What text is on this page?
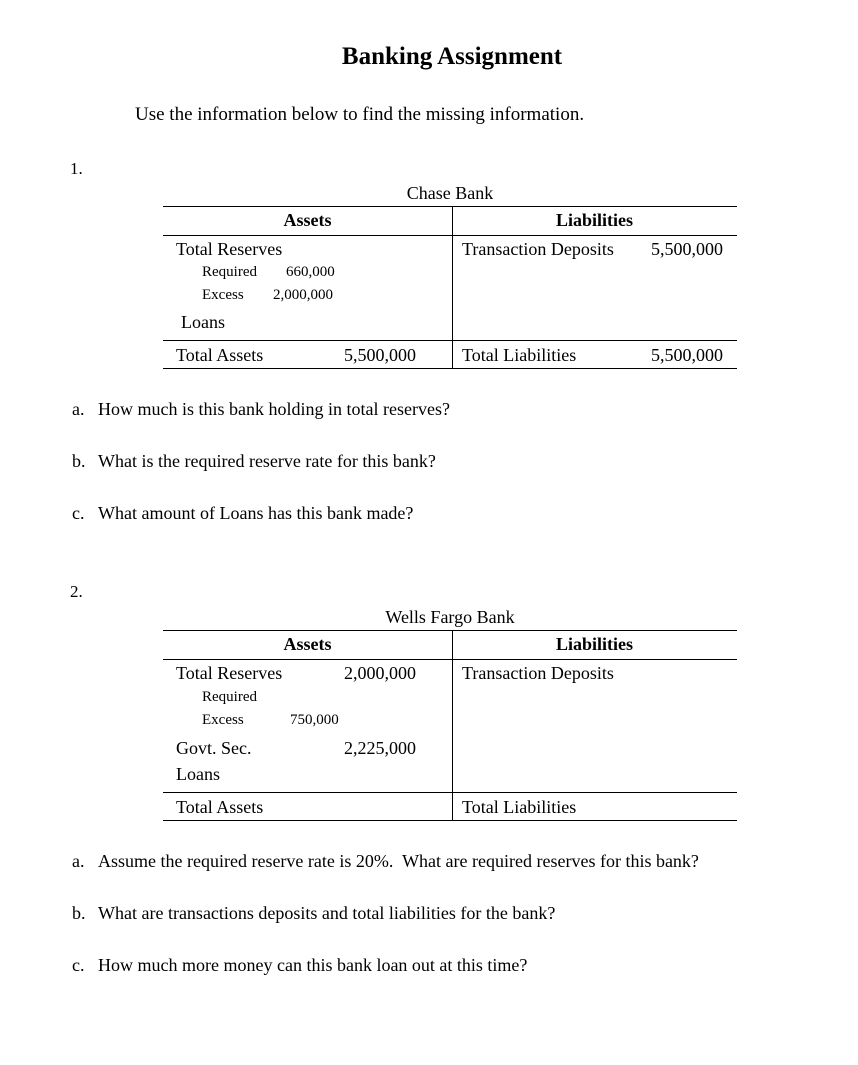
Banking Assignment
Use the information below to find the missing information.
1.
Chase Bank
Assets	Liabilities
Total Reserves
Required 660,000
Excess 2,000,000
Loans
Transaction Deposits 5,500,000
Total Assets	5,500,000	Total Liabilities	5,500,000
a. How much is this bank holding in total reserves?
b. What is the required reserve rate for this bank?
c. What amount of Loans has this bank made?
2.
Wells Fargo Bank
Assets	Liabilities
Total Reserves	2,000,000
Required
Excess	750,000
Govt. Sec.	2,225,000
Loans
Transaction Deposits
Total Assets	Total Liabilities
a. Assume the required reserve rate is 20%.  What are required reserves for this bank?
b. What are transactions deposits and total liabilities for the bank?
c. How much more money can this bank loan out at this time?
